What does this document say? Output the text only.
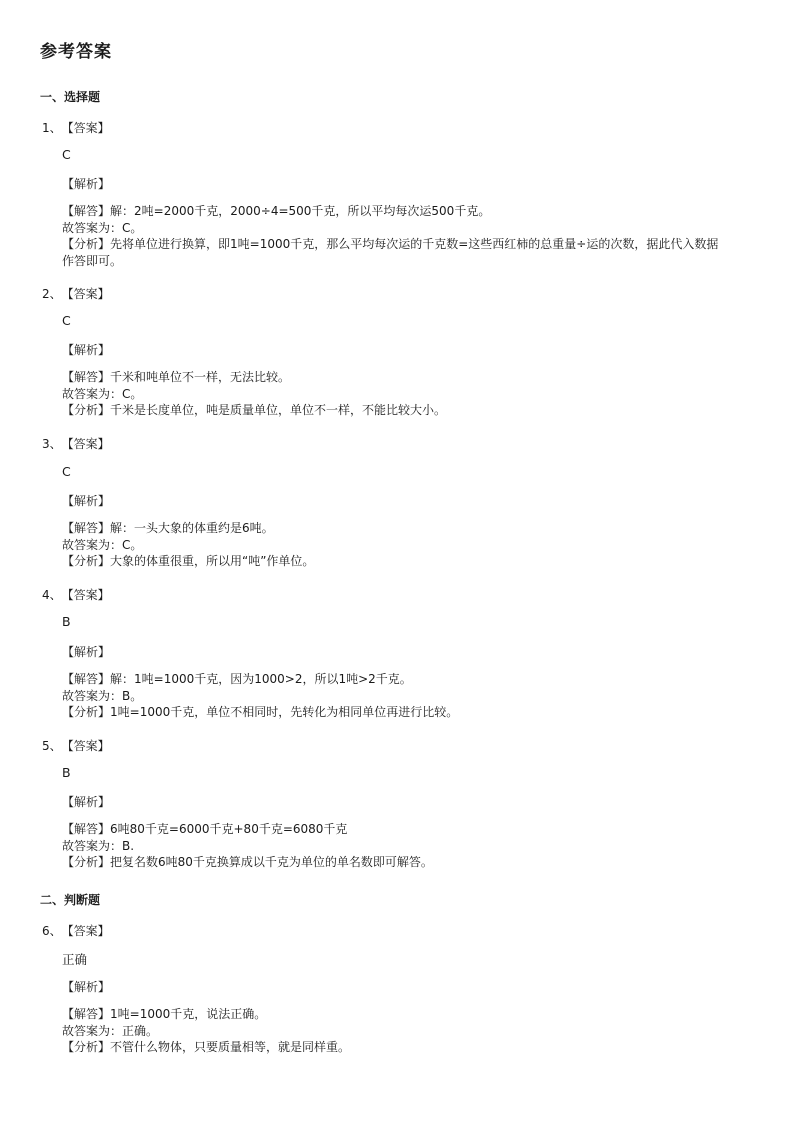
参考答案
一、选择题
1、【答案】
C
【解析】
【解答】解：2吨=2000千克，2000÷4=500千克，所以平均每次运500千克。
故答案为：C。
【分析】先将单位进行换算，即1吨=1000千克，那么平均每次运的千克数=这些西红柿的总重量÷运的次数，据此代入数据作答即可。
2、【答案】
C
【解析】
【解答】千米和吨单位不一样，无法比较。
故答案为：C。
【分析】千米是长度单位，吨是质量单位，单位不一样，不能比较大小。
3、【答案】
C
【解析】
【解答】解：一头大象的体重约是6吨。
故答案为：C。
【分析】大象的体重很重，所以用“吨”作单位。
4、【答案】
B
【解析】
【解答】解：1吨=1000千克，因为1000>2，所以1吨>2千克。
故答案为：B。
【分析】1吨=1000千克，单位不相同时，先转化为相同单位再进行比较。
5、【答案】
B
【解析】
【解答】6吨80千克=6000千克+80千克=6080千克
故答案为：B.
【分析】把复名数6吨80千克换算成以千克为单位的单名数即可解答。
二、判断题
6、【答案】
正确
【解析】
【解答】1吨=1000千克，说法正确。
故答案为：正确。
【分析】不管什么物体，只要质量相等，就是同样重。
